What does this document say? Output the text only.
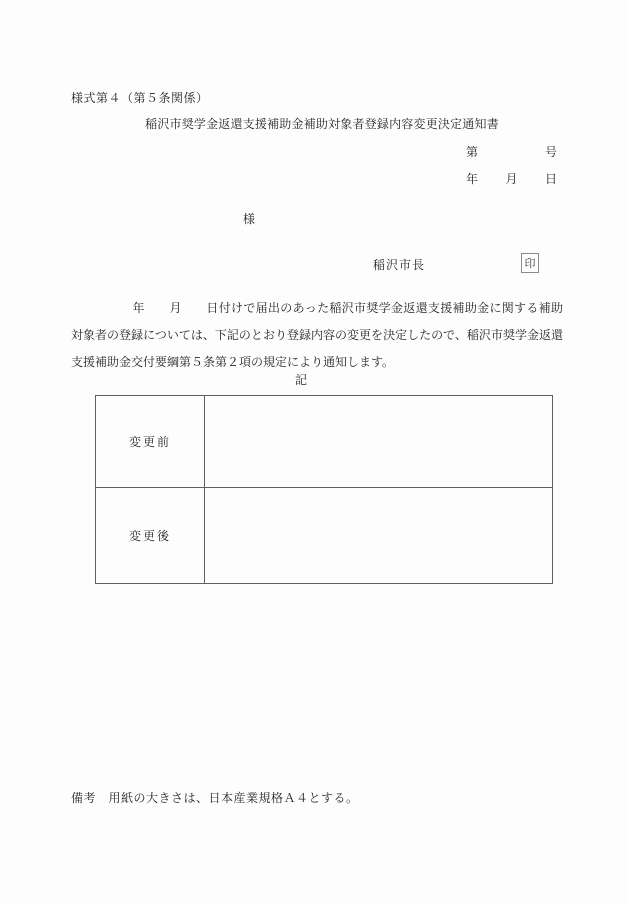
様式第４（第５条関係）
稲沢市奨学金返還支援補助金補助対象者登録内容変更決定通知書
第	号
年 月 日
様
稲沢市長	印
　　　　　年　　月　　日付けで届出のあった稲沢市奨学金返還支援補助金に関する補助
対象者の登録については、下記のとおり登録内容の変更を決定したので、稲沢市奨学金返還
支援補助金交付要綱第５条第２項の規定により通知します。
記
変更前	
変更後	
備考　用紙の大きさは、日本産業規格Ａ４とする。
